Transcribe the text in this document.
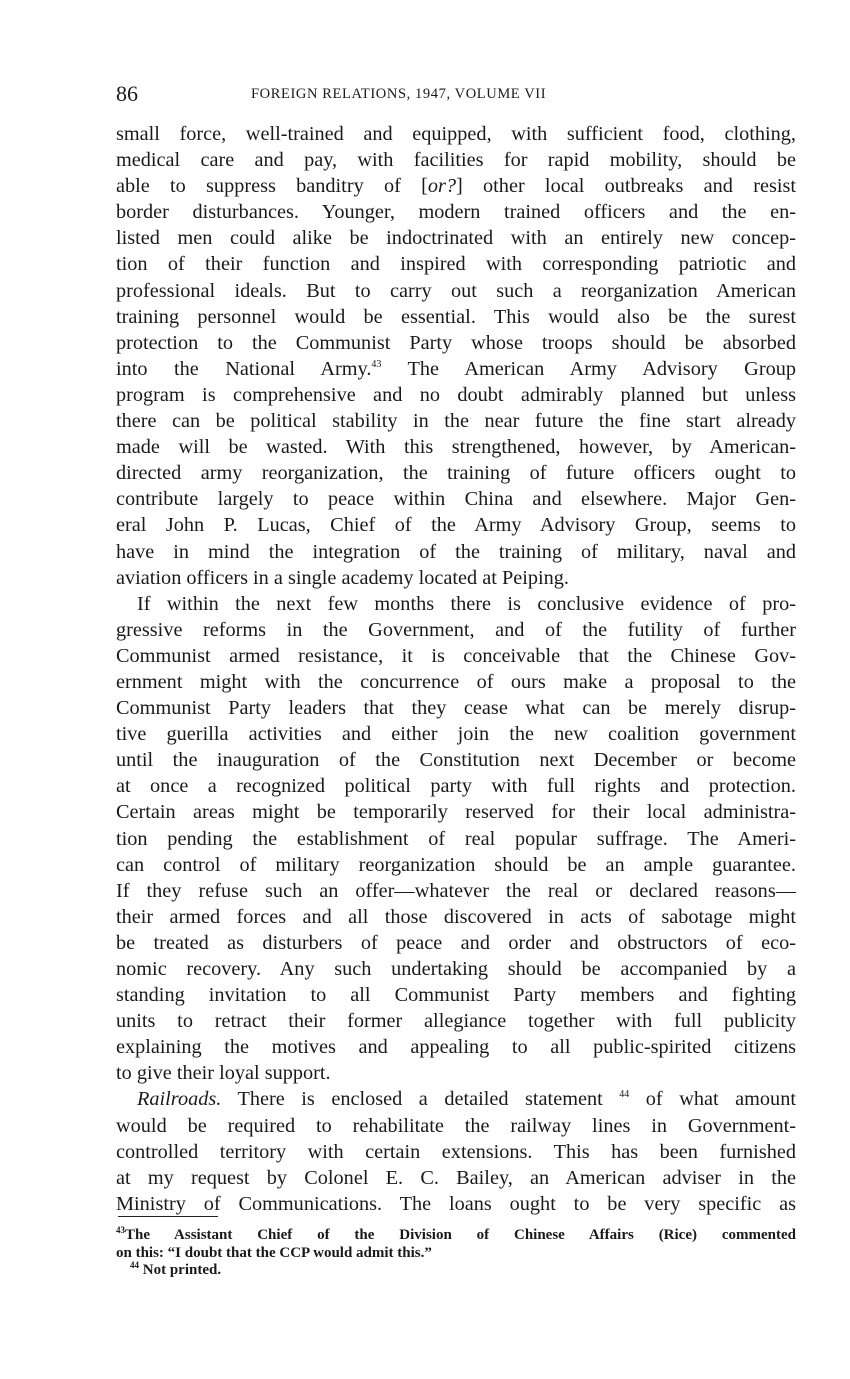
86	FOREIGN RELATIONS, 1947, VOLUME VII
small force, well-trained and equipped, with sufficient food, clothing,
medical care and pay, with facilities for rapid mobility, should be
able to suppress banditry of [or?] other local outbreaks and resist
border disturbances. Younger, modern trained officers and the en-
listed men could alike be indoctrinated with an entirely new concep-
tion of their function and inspired with corresponding patriotic and
professional ideals. But to carry out such a reorganization American
training personnel would be essential. This would also be the surest
protection to the Communist Party whose troops should be absorbed
into the National Army.$^{43}$ The American Army Advisory Group
program is comprehensive and no doubt admirably planned but unless
there can be political stability in the near future the fine start already
made will be wasted. With this strengthened, however, by American-
directed army reorganization, the training of future officers ought to
contribute largely to peace within China and elsewhere. Major Gen-
eral John P. Lucas, Chief of the Army Advisory Group, seems to
have in mind the integration of the training of military, naval and
aviation officers in a single academy located at Peiping.
If within the next few months there is conclusive evidence of pro-
gressive reforms in the Government, and of the futility of further
Communist armed resistance, it is conceivable that the Chinese Gov-
ernment might with the concurrence of ours make a proposal to the
Communist Party leaders that they cease what can be merely disrup-
tive guerilla activities and either join the new coalition government
until the inauguration of the Constitution next December or become
at once a recognized political party with full rights and protection.
Certain areas might be temporarily reserved for their local administra-
tion pending the establishment of real popular suffrage. The Ameri-
can control of military reorganization should be an ample guarantee.
If they refuse such an offer—whatever the real or declared reasons—
their armed forces and all those discovered in acts of sabotage might
be treated as disturbers of peace and order and obstructors of eco-
nomic recovery. Any such undertaking should be accompanied by a
standing invitation to all Communist Party members and fighting
units to retract their former allegiance together with full publicity
explaining the motives and appealing to all public-spirited citizens
to give their loyal support.
Railroads. There is enclosed a detailed statement $^{44}$ of what amount
would be required to rehabilitate the railway lines in Government-
controlled territory with certain extensions. This has been furnished
at my request by Colonel E. C. Bailey, an American adviser in the
Ministry of Communications. The loans ought to be very specific as
$^{43}$The Assistant Chief of the Division of Chinese Affairs (Rice) commented
on this: “I doubt that the CCP would admit this.”
$^{44}$ Not printed.
